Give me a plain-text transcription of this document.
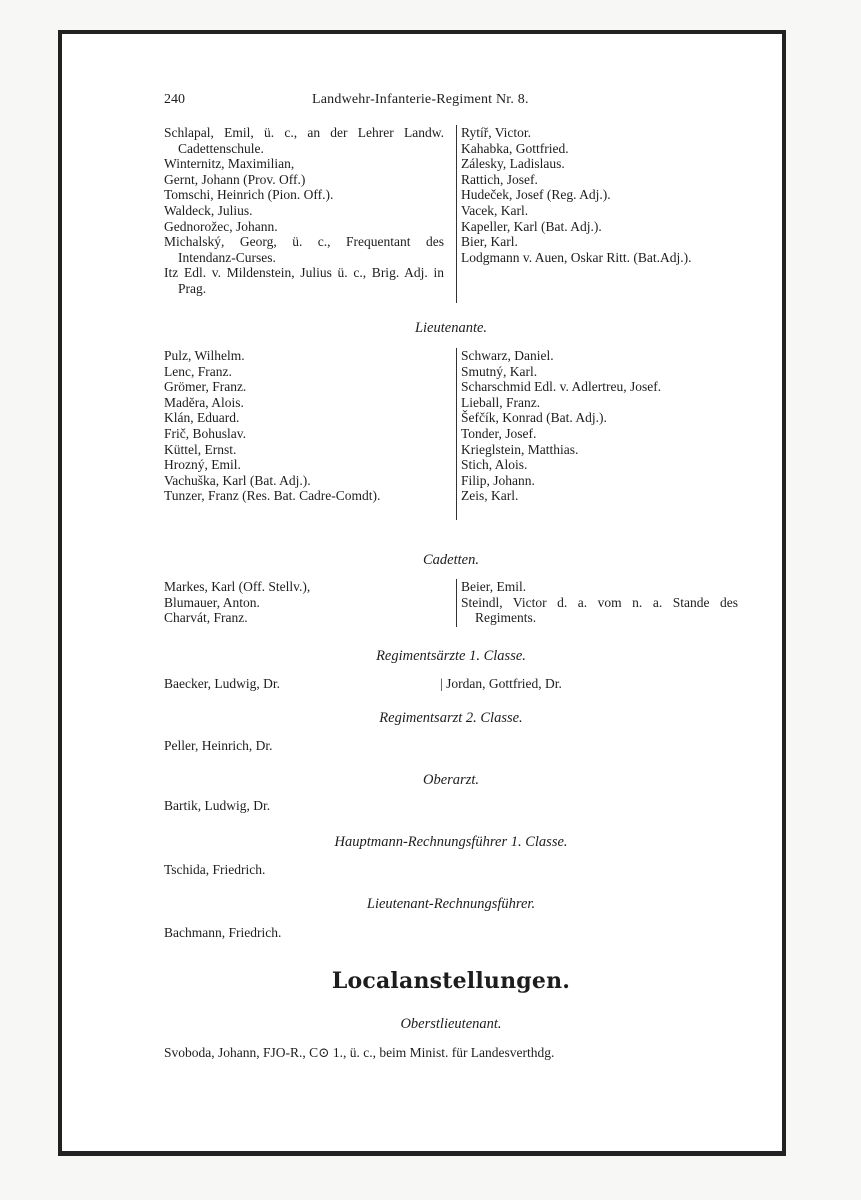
240	Landwehr-Infanterie-Regiment Nr. 8.

Schlapal, Emil, ü. c., an der Lehrer Landw. Cadettenschule.

Winternitz, Maximilian,

Gernt, Johann (Prov. Off.)

Tomschi, Heinrich (Pion. Off.).

Waldeck, Julius.

Gednorožec, Johann.

Michalský, Georg, ü. c., Frequentant des Intendanz-Curses.

Itz Edl. v. Mildenstein, Julius ü. c., Brig. Adj. in Prag.

Rytíř, Victor.

Kahabka, Gottfried.

Zálesky, Ladislaus.

Rattich, Josef.

Hudeček, Josef (Reg. Adj.).

Vacek, Karl.

Kapeller, Karl (Bat. Adj.).

Bier, Karl.

Lodgmann v. Auen, Oskar Ritt. (Bat.Adj.).

Lieutenante.

Pulz, Wilhelm.

Lenc, Franz.

Grömer, Franz.

Madĕra, Alois.

Klán, Eduard.

Frič, Bohuslav.

Küttel, Ernst.

Hrozný, Emil.

Vachuška, Karl (Bat. Adj.).

Tunzer, Franz (Res. Bat. Cadre-Comdt).

Schwarz, Daniel.

Smutný, Karl.

Scharschmid Edl. v. Adlertreu, Josef.

Lieball, Franz.

Šefčík, Konrad (Bat. Adj.).

Tonder, Josef.

Krieglstein, Matthias.

Stich, Alois.

Filip, Johann.

Zeis, Karl.

Cadetten.

Markes, Karl (Off. Stellv.),

Blumauer, Anton.

Charvát, Franz.

Beier, Emil.

Steindl, Victor d. a. vom n. a. Stande des Regiments.

Regimentsärzte 1. Classe.
Baecker, Ludwig, Dr.	| Jordan, Gottfried, Dr.
Regimentsarzt 2. Classe.
Peller, Heinrich, Dr.
Oberarzt.
Bartik, Ludwig, Dr.
Hauptmann-Rechnungsführer 1. Classe.
Tschida, Friedrich.
Lieutenant-Rechnungsführer.
Bachmann, Friedrich.
Localanstellungen.
Oberstlieutenant.
Svoboda, Johann, FJO-R., C⊙ 1., ü. c., beim Minist. für Landesverthdg.
